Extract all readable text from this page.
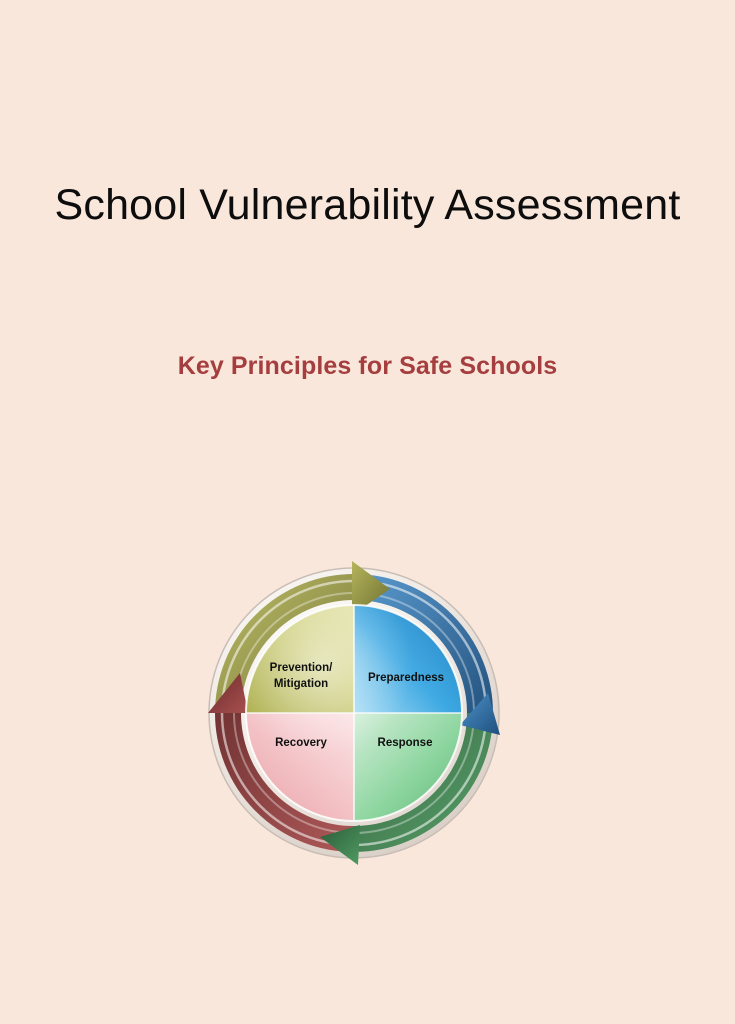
School Vulnerability Assessment
Key Principles for Safe Schools
Prevention/
Mitigation	Preparedness
Response
Recovery
